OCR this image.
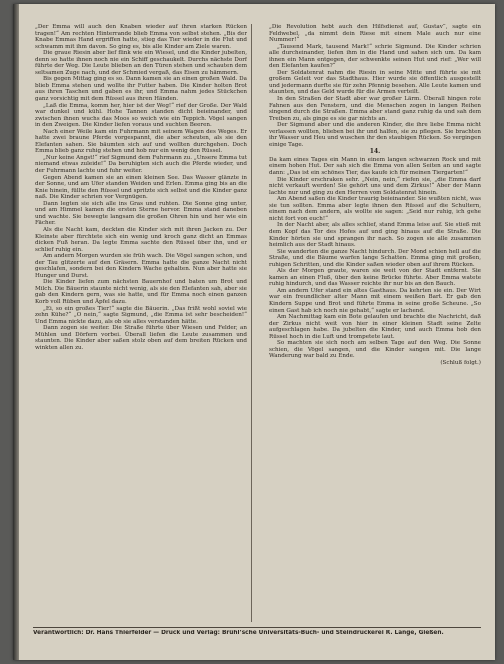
„Der Emma will auch den Knaben wieder auf ihren starken Rücken tragen!“ Am rechten Hinterrande blieb Emma von selbst stehen. „Bis der Knabe Emmas Hand ergriffen hatte, stieg das Tier wieder in die Flut und schwamm mit ihm davon. So ging es, bis alle Kinder am Ziele waren.

Die graue Riesin aber lief flink wie ein Wiesel, und die Kinder jubelten, denn so hatte ihnen noch nie ein Schiff geschaukelt. Durchs nächste Dorf führte der Weg. Die Leute blieben an den Türen stehen und schauten dem seltsamen Zuge nach, und der Schmied vergaß, das Eisen zu hämmern.

Bis gegen Mittag ging es so. Dann kamen sie an einen großen Wald. Da blieb Emma stehen und wollte ihr Futter haben. Die Kinder holten Brot aus ihren Taschen und gaben es ihr, und Emma nahm jedes Stückchen ganz vorsichtig mit dem Rüssel aus ihren Händen.

„Laß die Emma, komm her, hier ist der Weg!“ rief der Große. Der Wald war dunkel und kühl. Hohe Tannen standen dicht beieinander, und zwischen ihnen wuchs das Moos so weich wie ein Teppich. Vögel sangen in den Zweigen. Die Kinder liefen voraus und suchten Beeren.

Nach einer Weile kam ein Fuhrmann mit seinem Wagen des Weges. Er hatte zwei braune Pferde vorgespannt, die aber scheuten, als sie den Elefanten sahen. Sie bäumten sich auf und wollten durchgehen. Doch Emma blieb ganz ruhig stehen und hob nur ein wenig den Rüssel.

„Nur keine Angst!“ rief Sigmund dem Fuhrmann zu. „Unsere Emma tut niemand etwas zuleide!“ Da beruhigten sich auch die Pferde wieder, und der Fuhrmann lachte und fuhr weiter.

Gegen Abend kamen sie an einen kleinen See. Das Wasser glänzte in der Sonne, und am Ufer standen Weiden und Erlen. Emma ging bis an die Knie hinein, füllte den Rüssel und spritzte sich selbst und die Kinder ganz naß. Die Kinder schrien vor Vergnügen.

Dann legten sie sich alle ins Gras und ruhten. Die Sonne ging unter, und am Himmel kamen die ersten Sterne hervor. Emma stand daneben und wachte. Sie bewegte langsam die großen Ohren hin und her wie ein Fächer.

Als die Nacht kam, deckten die Kinder sich mit ihren Jacken zu. Der Kleinste aber fürchtete sich ein wenig und kroch ganz dicht an Emmas dicken Fuß heran. Da legte Emma sachte den Rüssel über ihn, und er schlief ruhig ein.

Am andern Morgen wurden sie früh wach. Die Vögel sangen schon, und der Tau glitzerte auf den Gräsern. Emma hatte die ganze Nacht nicht geschlafen, sondern bei den Kindern Wache gehalten. Nun aber hatte sie Hunger und Durst.

Die Kinder liefen zum nächsten Bauernhof und baten um Brot und Milch. Die Bäuerin staunte nicht wenig, als sie den Elefanten sah, aber sie gab den Kindern gern, was sie hatte, und für Emma noch einen ganzen Korb voll Rüben und Äpfel dazu.

„Ei, so ein großes Tier!“ sagte die Bäuerin. „Das frißt wohl soviel wie zehn Kühe?“ „O nein,“ sagte Sigmund, „die Emma ist sehr bescheiden!“ Und Emma nickte dazu, als ob sie alles verstanden hätte.

Dann zogen sie weiter. Die Straße führte über Wiesen und Felder, an Mühlen und Dörfern vorbei. Überall liefen die Leute zusammen und staunten. Die Kinder aber saßen stolz oben auf dem breiten Rücken und winkten allen zu.

„Die Revolution hebt auch den Hilfsdienst auf, Gustav“, sagte ein Feldwebel, „da nimmt dein Riese mit einem Male auch nur eine Nummer!“

„Tausend Mark, tausend Mark!“ schrie Sigmund. Die Kinder schrien alle durcheinander, liefen ihm in die Hand und sahen sich um. Da kam ihnen ein Mann entgegen, der schwenkte seinen Hut und rief: „Wer will den Elefanten kaufen?“

Der Soldatenrat nahm die Riesin in seine Mitte und führte sie mit großem Geleit vor das Stadthaus. Hier wurde sie öffentlich ausgestellt und jedermann durfte sie für zehn Pfennig besehen. Alle Leute kamen und staunten, und das Geld wurde für die Armen verteilt.

In den Straßen der Stadt aber war großer Lärm. Überall hingen rote Fahnen aus den Fenstern, und die Menschen zogen in langen Reihen singend durch die Straßen. Emma aber stand ganz ruhig da und sah dem Treiben zu, als ginge es sie gar nichts an.

Der Sigmund aber und die anderen Kinder, die ihre liebe Emma nicht verlassen wollten, blieben bei ihr und halfen, sie zu pflegen. Sie brachten ihr Wasser und Heu und wuschen ihr den staubigen Rücken. So vergingen einige Tage.

14.

Da kam eines Tages ein Mann in einem langen schwarzen Rock und mit einem hohen Hut. Der sah sich die Emma von allen Seiten an und sagte dann: „Das ist ein schönes Tier, das kaufe ich für meinen Tiergarten!“

Die Kinder erschraken sehr. „Nein, nein,“ riefen sie, „die Emma darf nicht verkauft werden! Sie gehört uns und dem Zirkus!“ Aber der Mann lachte nur und ging zu den Herren vom Soldatenrat hinein.

Am Abend saßen die Kinder traurig beieinander. Sie wußten nicht, was sie tun sollten. Emma aber legte ihnen den Rüssel auf die Schultern, einem nach dem andern, als wollte sie sagen: „Seid nur ruhig, ich gehe nicht fort von euch!“

In der Nacht aber, als alles schlief, stand Emma leise auf. Sie stieß mit dem Kopf das Tor des Hofes auf und ging hinaus auf die Straße. Die Kinder hörten sie und sprangen ihr nach. So zogen sie alle zusammen heimlich aus der Stadt hinaus.

Sie wanderten die ganze Nacht hindurch. Der Mond schien hell auf die Straße, und die Bäume warfen lange Schatten. Emma ging mit großen, ruhigen Schritten, und die Kinder saßen wieder oben auf ihrem Rücken.

Als der Morgen graute, waren sie weit von der Stadt entfernt. Sie kamen an einen Fluß, über den keine Brücke führte. Aber Emma watete ruhig hindurch, und das Wasser reichte ihr nur bis an den Bauch.

Am andern Ufer stand ein altes Gasthaus. Da kehrten sie ein. Der Wirt war ein freundlicher alter Mann mit einem weißen Bart. Er gab den Kindern Suppe und Brot und führte Emma in seine große Scheune. „So einen Gast hab ich noch nie gehabt,“ sagte er lachend.

Am Nachmittag kam ein Bote gelaufen und brachte die Nachricht, daß der Zirkus nicht weit von hier in einer kleinen Stadt seine Zelte aufgeschlagen habe. Da jubelten die Kinder, und auch Emma hob den Rüssel hoch in die Luft und trompetete laut.

So machten sie sich noch am selben Tage auf den Weg. Die Sonne schien, die Vögel sangen, und die Kinder sangen mit. Die lange Wanderung war bald zu Ende.

(Schluß folgt.)
Verantwortlich: Dr. Hans Thierfelder — Druck und Verlag: Brühl’sche Universitäts-Buch- und Steindruckerei R. Lange, Gießen.
